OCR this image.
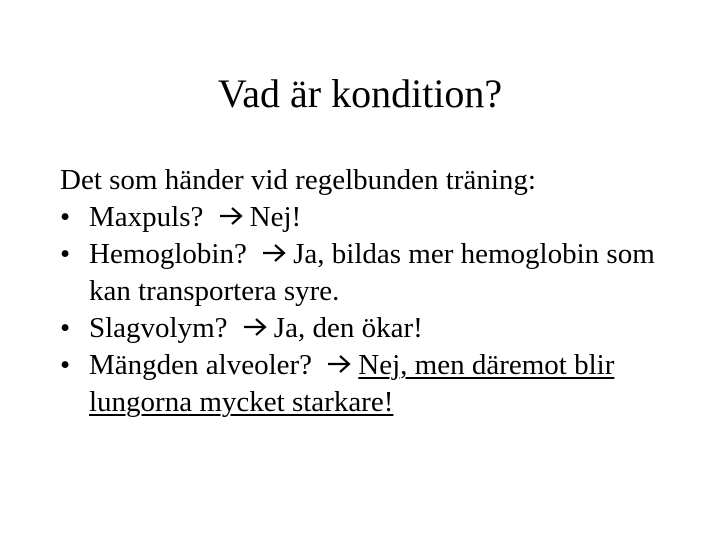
Vad är kondition?
Det som händer vid regelbunden träning:
• Maxpuls? Nej!
• Hemoglobin? Ja, bildas mer hemoglobin som kan transportera syre.
• Slagvolym? Ja, den ökar!
• Mängden alveoler? Nej, men däremot blir lungorna mycket starkare!
